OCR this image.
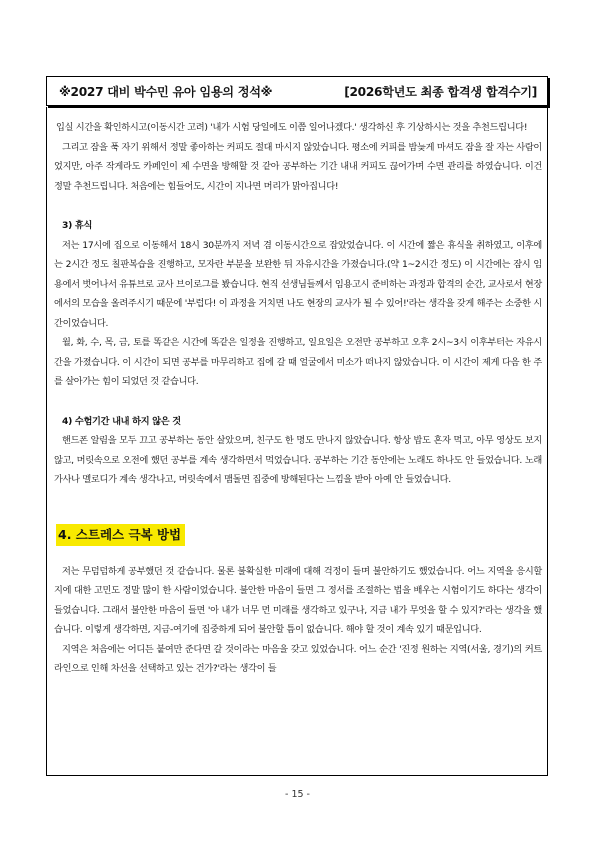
※2027 대비 박수민 유아 임용의 정석※	[2026학년도 최종 합격생 합격수기]

입실 시간을 확인하시고(이동시간 고려) '내가 시험 당일에도 이쯤 일어나겠다.' 생각하신 후 기상하시는 것을 추천드립니다!

그리고 잠을 푹 자기 위해서 정말 좋아하는 커피도 절대 마시지 않았습니다. 평소에 커피를 밤늦게 마셔도 잠을 잘 자는 사람이었지만, 아주 작게라도 카페인이 제 수면을 방해할 것 같아 공부하는 기간 내내 커피도 끊어가며 수면 관리를 하였습니다. 이건 정말 추천드립니다. 처음에는 힘들어도, 시간이 지나면 머리가 맑아집니다!

3) 휴식

저는 17시에 집으로 이동해서 18시 30분까지 저녁 겸 이동시간으로 잡았었습니다. 이 시간에 짧은 휴식을 취하였고, 이후에는 2시간 정도 칠판복습을 진행하고, 모자란 부분을 보완한 뒤 자유시간을 가졌습니다.(약 1~2시간 정도) 이 시간에는 잠시 임용에서 벗어나서 유튜브로 교사 브이로그를 봤습니다. 현직 선생님들께서 임용고시 준비하는 과정과 합격의 순간, 교사로서 현장에서의 모습을 올려주시기 때문에 '부럽다! 이 과정을 거치면 나도 현장의 교사가 될 수 있어!'라는 생각을 갖게 해주는 소중한 시간이었습니다.

월, 화, 수, 목, 금, 토를 똑같은 시간에 똑같은 일정을 진행하고, 일요일은 오전만 공부하고 오후 2시~3시 이후부터는 자유시간을 가졌습니다. 이 시간이 되면 공부를 마무리하고 집에 갈 때 얼굴에서 미소가 떠나지 않았습니다. 이 시간이 제게 다음 한 주를 살아가는 힘이 되었던 것 같습니다.

4) 수험기간 내내 하지 않은 것

핸드폰 알림을 모두 끄고 공부하는 동안 살았으며, 친구도 한 명도 만나지 않았습니다. 항상 밥도 혼자 먹고, 아무 영상도 보지 않고, 머릿속으로 오전에 했던 공부를 계속 생각하면서 먹었습니다. 공부하는 기간 동안에는 노래도 하나도 안 들었습니다. 노래 가사나 멜로디가 계속 생각나고, 머릿속에서 맴돌면 집중에 방해된다는 느낌을 받아 아예 안 들었습니다.

4. 스트레스 극복 방법

저는 무덤덤하게 공부했던 것 같습니다. 물론 불확실한 미래에 대해 걱정이 들며 불안하기도 했었습니다. 어느 지역을 응시할지에 대한 고민도 정말 많이 한 사람이었습니다. 불안한 마음이 들면 그 정서를 조절하는 법을 배우는 시험이기도 하다는 생각이 들었습니다. 그래서 불안한 마음이 들면 '아 내가 너무 먼 미래를 생각하고 있구나, 지금 내가 무엇을 할 수 있지?'라는 생각을 했습니다. 이렇게 생각하면, 지금-여기에 집중하게 되어 불안할 틈이 없습니다. 해야 할 것이 계속 있기 때문입니다.

지역은 처음에는 어디든 붙여만 준다면 갈 것이라는 마음을 갖고 있었습니다. 어느 순간 '진정 원하는 지역(서울, 경기)의 커트라인으로 인해 차선을 선택하고 있는 건가?'라는 생각이 들

- 15 -
